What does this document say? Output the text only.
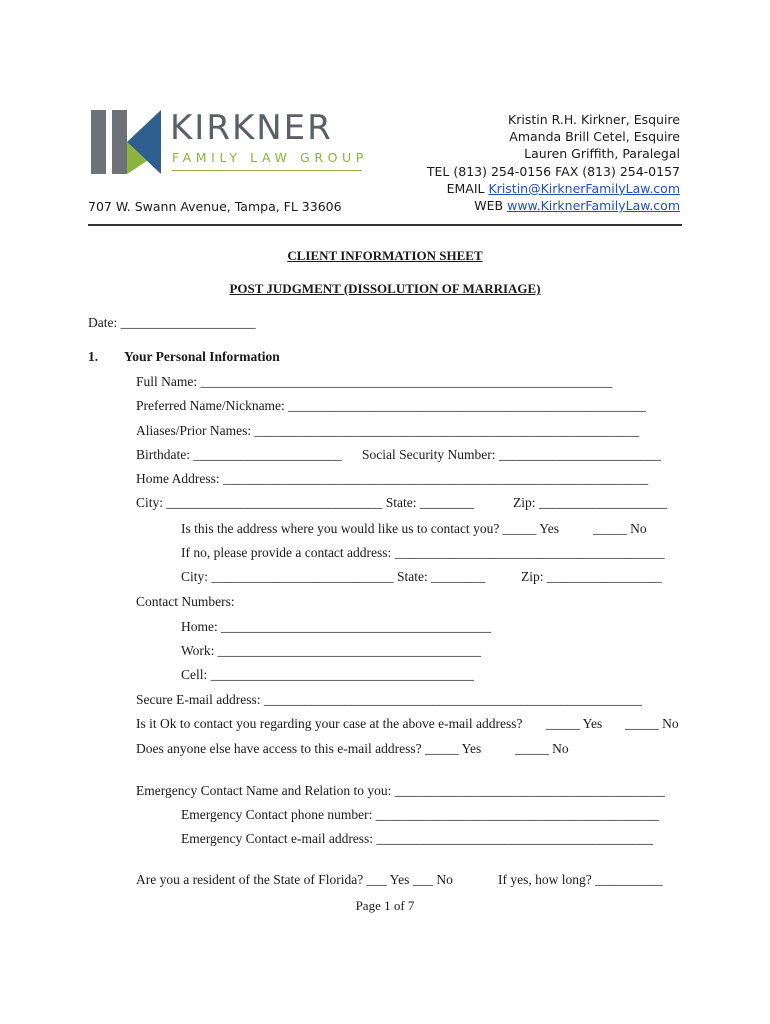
KIRKNER
FAMILY LAW GROUP
707 W. Swann Avenue, Tampa, FL 33606
Kristin R.H. Kirkner, Esquire
Amanda Brill Cetel, Esquire
Lauren Griffith, Paralegal
TEL (813) 254-0156 FAX (813) 254-0157
EMAIL Kristin@KirknerFamilyLaw.com
WEB www.KirknerFamilyLaw.com
CLIENT INFORMATION SHEET
POST JUDGMENT (DISSOLUTION OF MARRIAGE)
Date: ____________________
1. Your Personal Information
Full Name: _____________________________________________________________
Preferred Name/Nickname: _____________________________________________________
Aliases/Prior Names: _________________________________________________________
Birthdate: ______________________ Social Security Number: ________________________
Home Address: _______________________________________________________________
City: ________________________________ State: ________	Zip: ___________________
Is this the address where you would like us to contact you? _____ Yes	_____ No
If no, please provide a contact address: ________________________________________
City: ___________________________ State: ________	Zip: _________________
Contact Numbers:
Home: ________________________________________
Work: _______________________________________
Cell: _______________________________________
Secure E-mail address: ________________________________________________________
Is it Ok to contact you regarding your case at the above e-mail address? _____ Yes _____ No
Does anyone else have access to this e-mail address? _____ Yes _____ No
Emergency Contact Name and Relation to you: ________________________________________
Emergency Contact phone number: __________________________________________
Emergency Contact e-mail address: _________________________________________
Are you a resident of the State of Florida? ___ Yes ___ No	If yes, how long? __________
Page 1 of 7
